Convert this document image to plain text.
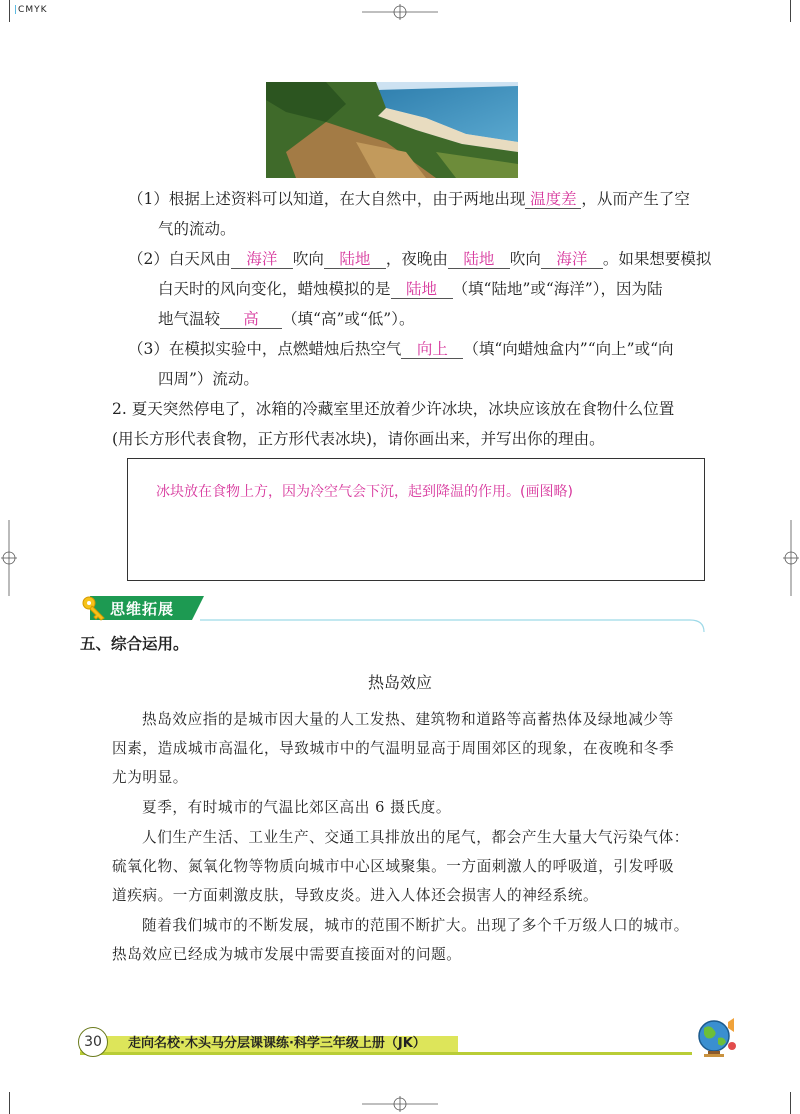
|CMYK
（1）根据上述资料可以知道，在大自然中，由于两地出现 温度差 ，从而产生了空
气的流动。
（2）白天风由 海洋 吹向 陆地 ，夜晚由 陆地 吹向 海洋 。如果想要模拟
白天时的风向变化，蜡烛模拟的是 陆地 （填“陆地”或“海洋”），因为陆
地气温较 高 （填“高”或“低”）。
（3）在模拟实验中，点燃蜡烛后热空气 向上 （填“向蜡烛盒内”“向上”或“向
四周”）流动。
2. 夏天突然停电了，冰箱的冷藏室里还放着少许冰块，冰块应该放在食物什么位置
(用长方形代表食物，正方形代表冰块)，请你画出来，并写出你的理由。
冰块放在食物上方，因为冷空气会下沉，起到降温的作用。(画图略)
思维拓展
五、综合运用。
热岛效应
热岛效应指的是城市因大量的人工发热、建筑物和道路等高蓄热体及绿地减少等
因素，造成城市高温化，导致城市中的气温明显高于周围郊区的现象，在夜晚和冬季
尤为明显。
夏季，有时城市的气温比郊区高出 6 摄氏度。
人们生产生活、工业生产、交通工具排放出的尾气，都会产生大量大气污染气体：
硫氧化物、氮氧化物等物质向城市中心区域聚集。一方面刺激人的呼吸道，引发呼吸
道疾病。一方面刺激皮肤，导致皮炎。进入人体还会损害人的神经系统。
随着我们城市的不断发展，城市的范围不断扩大。出现了多个千万级人口的城市。
热岛效应已经成为城市发展中需要直接面对的问题。
30	走向名校·木头马分层课课练·科学三年级上册（JK）
